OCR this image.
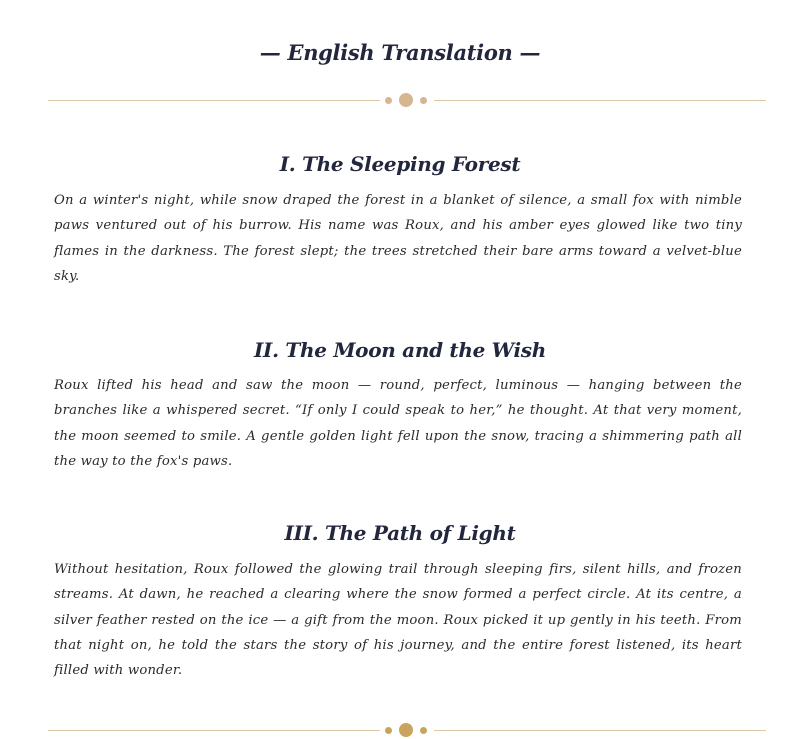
— English Translation —
I. The Sleeping Forest

On a winter's night, while snow draped the forest in a blanket of silence, a small fox with nimble paws ventured out of his burrow. His name was Roux, and his amber eyes glowed like two tiny flames in the darkness. The forest slept; the trees stretched their bare arms toward a velvet-blue sky.

II. The Moon and the Wish

Roux lifted his head and saw the moon — round, perfect, luminous — hanging between the branches like a whispered secret. “If only I could speak to her,” he thought. At that very moment, the moon seemed to smile. A gentle golden light fell upon the snow, tracing a shimmering path all the way to the fox's paws.

III. The Path of Light

Without hesitation, Roux followed the glowing trail through sleeping firs, silent hills, and frozen streams. At dawn, he reached a clearing where the snow formed a perfect circle. At its centre, a silver feather rested on the ice — a gift from the moon. Roux picked it up gently in his teeth. From that night on, he told the stars the story of his journey, and the entire forest listened, its heart filled with wonder.
